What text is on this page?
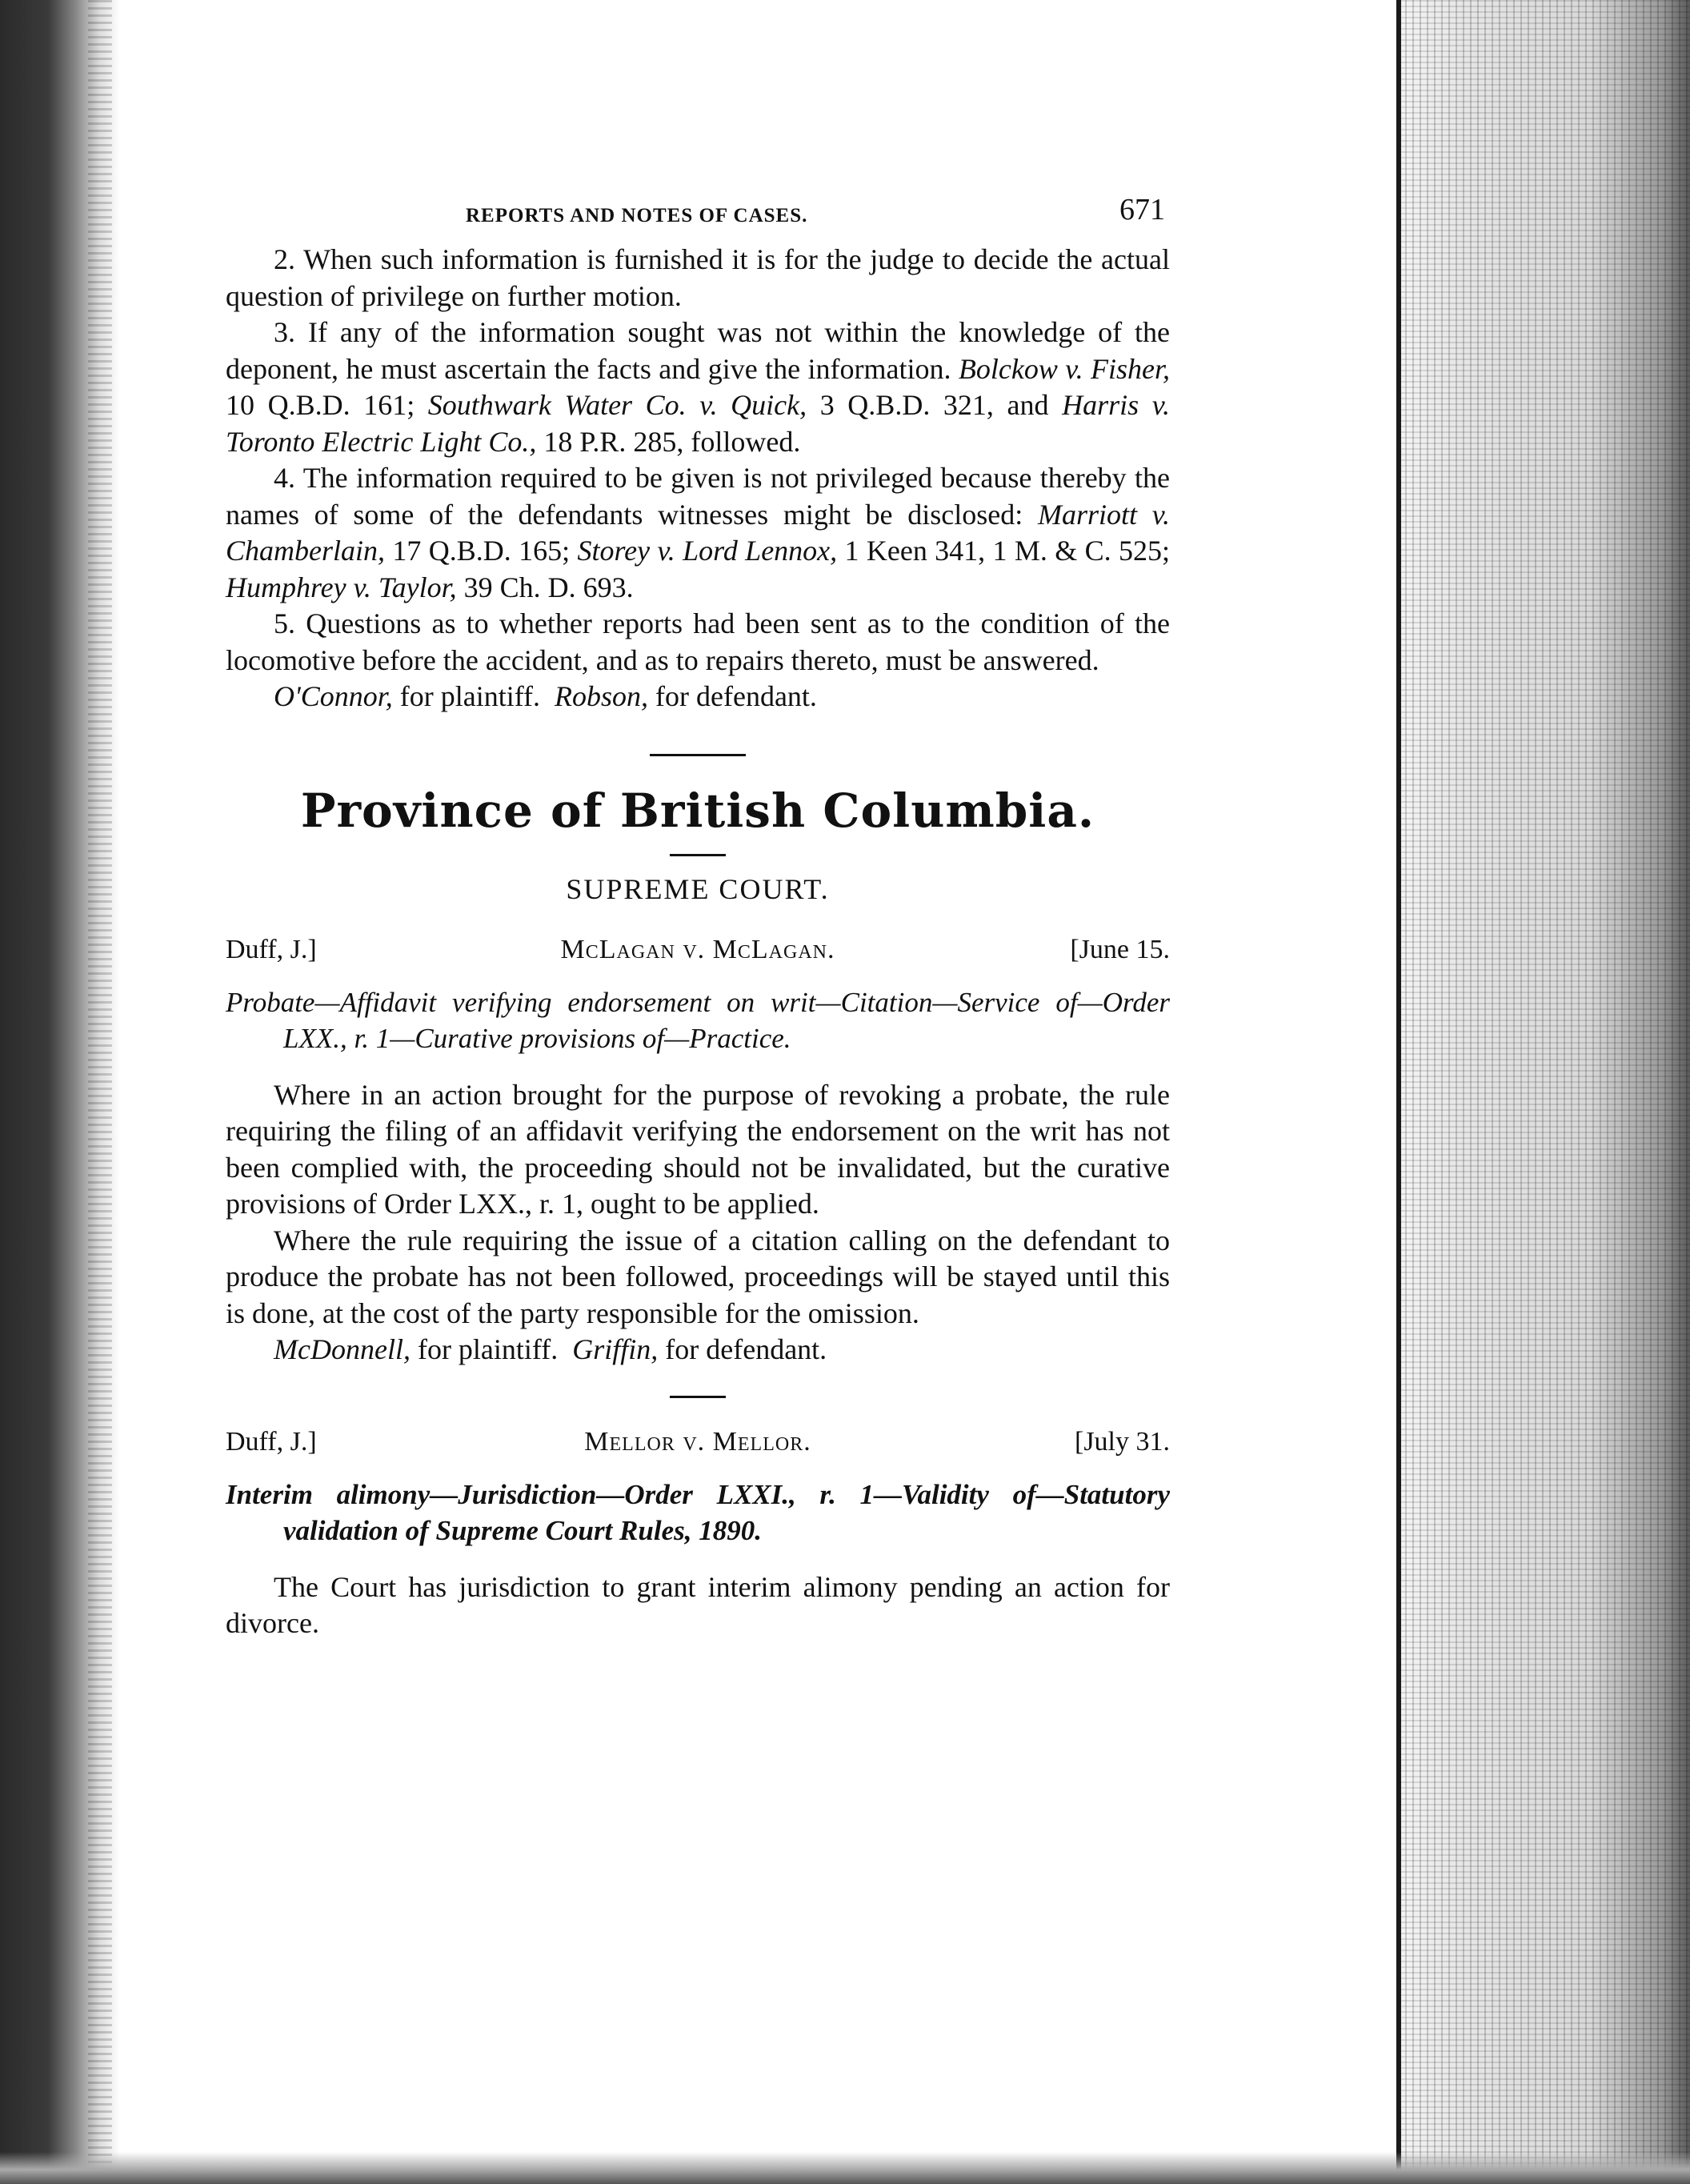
REPORTS AND NOTES OF CASES.	671

2. When such information is furnished it is for the judge to decide the actual question of privilege on further motion.

3. If any of the information sought was not within the knowledge of the deponent, he must ascertain the facts and give the information. Bolckow v. Fisher, 10 Q.B.D. 161; Southwark Water Co. v. Quick, 3 Q.B.D. 321, and Harris v. Toronto Electric Light Co., 18 P.R. 285, followed.

4. The information required to be given is not privileged because thereby the names of some of the defendants witnesses might be disclosed: Marriott v. Chamberlain, 17 Q.B.D. 165; Storey v. Lord Lennox, 1 Keen 341, 1 M. & C. 525; Humphrey v. Taylor, 39 Ch. D. 693.

5. Questions as to whether reports had been sent as to the condition of the locomotive before the accident, and as to repairs thereto, must be answered.

O'Connor, for plaintiff. Robson, for defendant.

Province of British Columbia.
SUPREME COURT.
Duff, J.]	McLagan v. McLagan.	[June 15.

Probate—Affidavit verifying endorsement on writ—Citation—Service of—Order LXX., r. 1—Curative provisions of—Practice.

Where in an action brought for the purpose of revoking a probate, the rule requiring the filing of an affidavit verifying the endorsement on the writ has not been complied with, the proceeding should not be invalidated, but the curative provisions of Order LXX., r. 1, ought to be applied.

Where the rule requiring the issue of a citation calling on the defendant to produce the probate has not been followed, proceedings will be stayed until this is done, at the cost of the party responsible for the omission.

McDonnell, for plaintiff. Griffin, for defendant.

Duff, J.]	Mellor v. Mellor.	[July 31.

Interim alimony—Jurisdiction—Order LXXI., r. 1—Validity of—Statutory validation of Supreme Court Rules, 1890.

The Court has jurisdiction to grant interim alimony pending an action for divorce.
